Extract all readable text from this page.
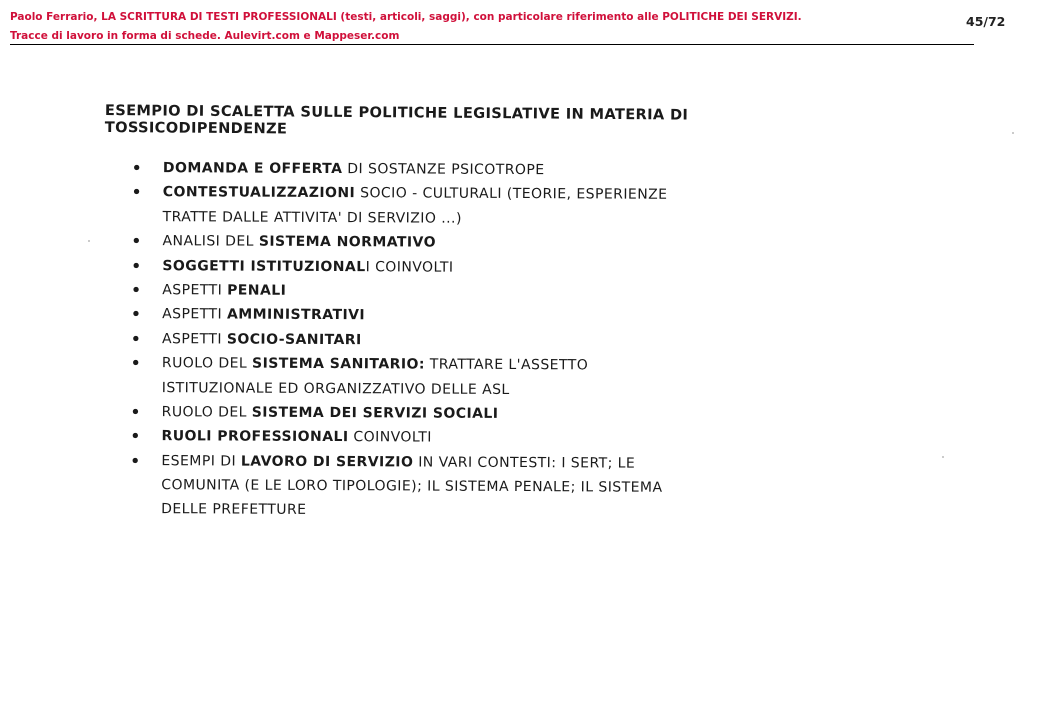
Paolo Ferrario, LA SCRITTURA DI TESTI PROFESSIONALI (testi, articoli, saggi), con particolare riferimento alle POLITICHE DEI SERVIZI.
Tracce di lavoro in forma di schede. Aulevirt.com e Mappeser.com
45/72
ESEMPIO DI SCALETTA SULLE POLITICHE LEGISLATIVE IN MATERIA DI
TOSSICODIPENDENZE
• DOMANDA E OFFERTA DI SOSTANZE PSICOTROPE
• CONTESTUALIZZAZIONI SOCIO - CULTURALI (TEORIE, ESPERIENZE
TRATTE DALLE ATTIVITA' DI SERVIZIO ...)
• ANALISI DEL SISTEMA NORMATIVO
• SOGGETTI ISTITUZIONALI COINVOLTI
• ASPETTI PENALI
• ASPETTI AMMINISTRATIVI
• ASPETTI SOCIO-SANITARI
• RUOLO DEL SISTEMA SANITARIO: TRATTARE L'ASSETTO
ISTITUZIONALE ED ORGANIZZATIVO DELLE ASL
• RUOLO DEL SISTEMA DEI SERVIZI SOCIALI
• RUOLI PROFESSIONALI COINVOLTI
• ESEMPI DI LAVORO DI SERVIZIO IN VARI CONTESTI: I SERT; LE
COMUNITA (E LE LORO TIPOLOGIE); IL SISTEMA PENALE; IL SISTEMA
DELLE PREFETTURE
